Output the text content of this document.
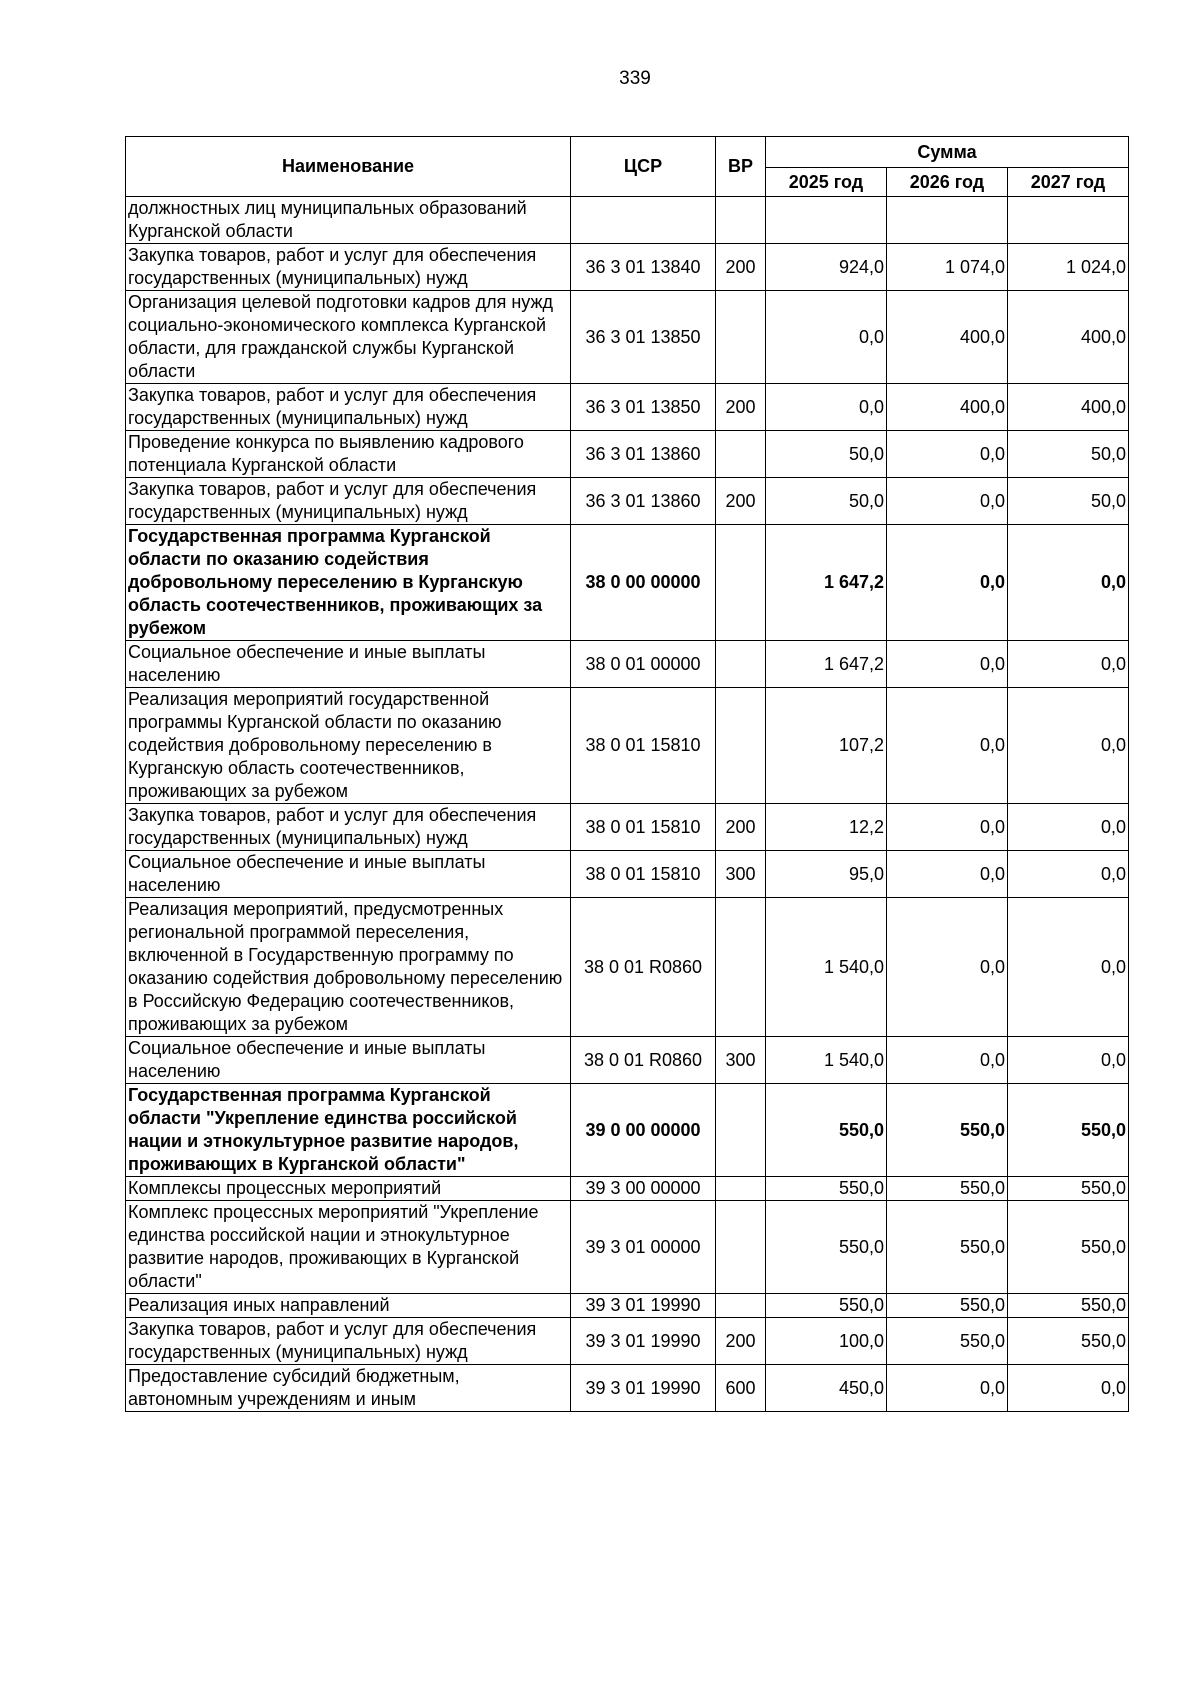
339
Наименование	ЦСР	ВР	Сумма		
			2025 год	2026 год	2027 год
должностных лиц муниципальных образований Курганской области					
Закупка товаров, работ и услуг для обеспечения государственных (муниципальных) нужд	36 3 01 13840	200	924,0	1 074,0	1 024,0
Организация целевой подготовки кадров для нужд социально-экономического комплекса Курганской области, для гражданской службы Курганской области	36 3 01 13850		0,0	400,0	400,0
Закупка товаров, работ и услуг для обеспечения государственных (муниципальных) нужд	36 3 01 13850	200	0,0	400,0	400,0
Проведение конкурса по выявлению кадрового потенциала Курганской области	36 3 01 13860		50,0	0,0	50,0
Закупка товаров, работ и услуг для обеспечения государственных (муниципальных) нужд	36 3 01 13860	200	50,0	0,0	50,0
Государственная программа Курганской области по оказанию содействия добровольному переселению в Курганскую область соотечественников, проживающих за рубежом	38 0 00 00000		1 647,2	0,0	0,0
Социальное обеспечение и иные выплаты населению	38 0 01 00000		1 647,2	0,0	0,0
Реализация мероприятий государственной программы Курганской области по оказанию содействия добровольному переселению в Курганскую область соотечественников, проживающих за рубежом	38 0 01 15810		107,2	0,0	0,0
Закупка товаров, работ и услуг для обеспечения государственных (муниципальных) нужд	38 0 01 15810	200	12,2	0,0	0,0
Социальное обеспечение и иные выплаты населению	38 0 01 15810	300	95,0	0,0	0,0
Реализация мероприятий, предусмотренных региональной программой переселения, включенной в Государственную программу по оказанию содействия добровольному переселению в Российскую Федерацию соотечественников, проживающих за рубежом	38 0 01 R0860		1 540,0	0,0	0,0
Социальное обеспечение и иные выплаты населению	38 0 01 R0860	300	1 540,0	0,0	0,0
Государственная программа Курганской области "Укрепление единства российской нации и этнокультурное развитие народов, проживающих в Курганской области"	39 0 00 00000		550,0	550,0	550,0
Комплексы процессных мероприятий	39 3 00 00000		550,0	550,0	550,0
Комплекс процессных мероприятий "Укрепление единства российской нации и этнокультурное развитие народов, проживающих в Курганской области"	39 3 01 00000		550,0	550,0	550,0
Реализация иных направлений	39 3 01 19990		550,0	550,0	550,0
Закупка товаров, работ и услуг для обеспечения государственных (муниципальных) нужд	39 3 01 19990	200	100,0	550,0	550,0
Предоставление субсидий бюджетным, автономным учреждениям и иным	39 3 01 19990	600	450,0	0,0	0,0
